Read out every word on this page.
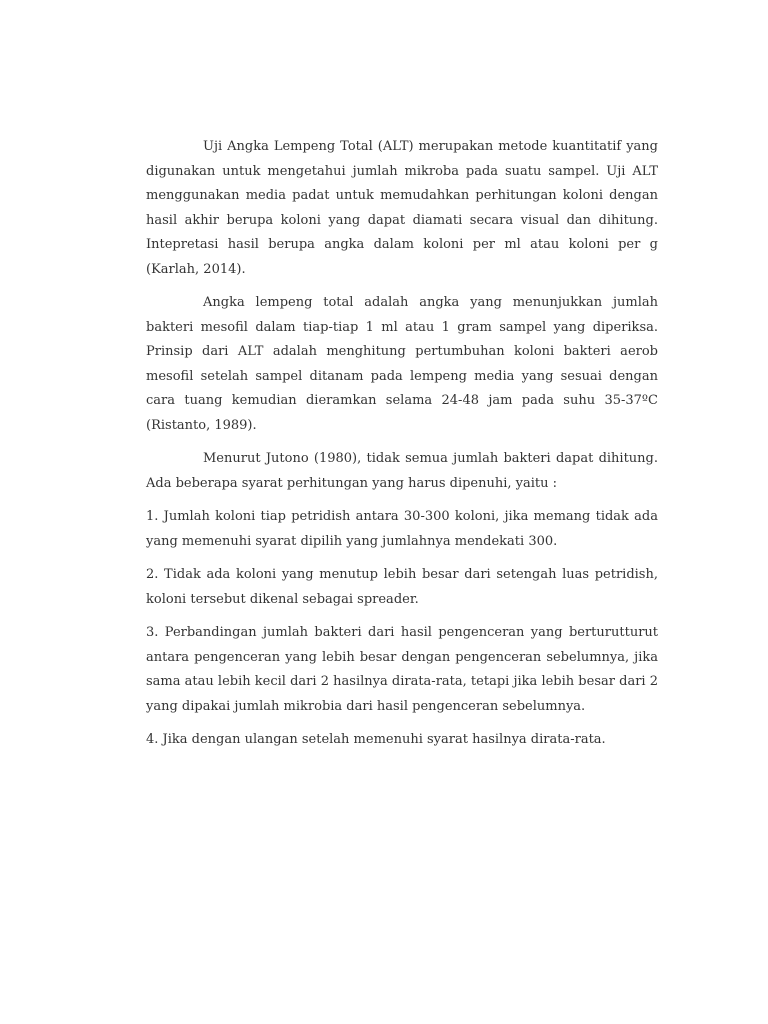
Uji Angka Lempeng Total (ALT) merupakan metode kuantitatif yang digunakan untuk mengetahui jumlah mikroba pada suatu sampel. Uji ALT menggunakan media padat untuk memudahkan perhitungan koloni dengan hasil akhir berupa koloni yang dapat diamati secara visual dan dihitung. Intepretasi hasil berupa angka dalam koloni per ml atau koloni per g (Karlah, 2014).

Angka lempeng total adalah angka yang menunjukkan jumlah bakteri mesofil dalam tiap-tiap 1 ml atau 1 gram sampel yang diperiksa. Prinsip dari ALT adalah menghitung pertumbuhan koloni bakteri aerob mesofil setelah sampel ditanam pada lempeng media yang sesuai dengan cara tuang kemudian dieramkan selama 24-48 jam pada suhu 35-37ºC (Ristanto, 1989).

Menurut Jutono (1980), tidak semua jumlah bakteri dapat dihitung. Ada beberapa syarat perhitungan yang harus dipenuhi, yaitu :

1. Jumlah koloni tiap petridish antara 30-300 koloni, jika memang tidak ada yang memenuhi syarat dipilih yang jumlahnya mendekati 300.

2. Tidak ada koloni yang menutup lebih besar dari setengah luas petridish, koloni tersebut dikenal sebagai spreader.

3. Perbandingan jumlah bakteri dari hasil pengenceran yang berturutturut antara pengenceran yang lebih besar dengan pengenceran sebelumnya, jika sama atau lebih kecil dari 2 hasilnya dirata-rata, tetapi jika lebih besar dari 2 yang dipakai jumlah mikrobia dari hasil pengenceran sebelumnya.

4. Jika dengan ulangan setelah memenuhi syarat hasilnya dirata-rata.
